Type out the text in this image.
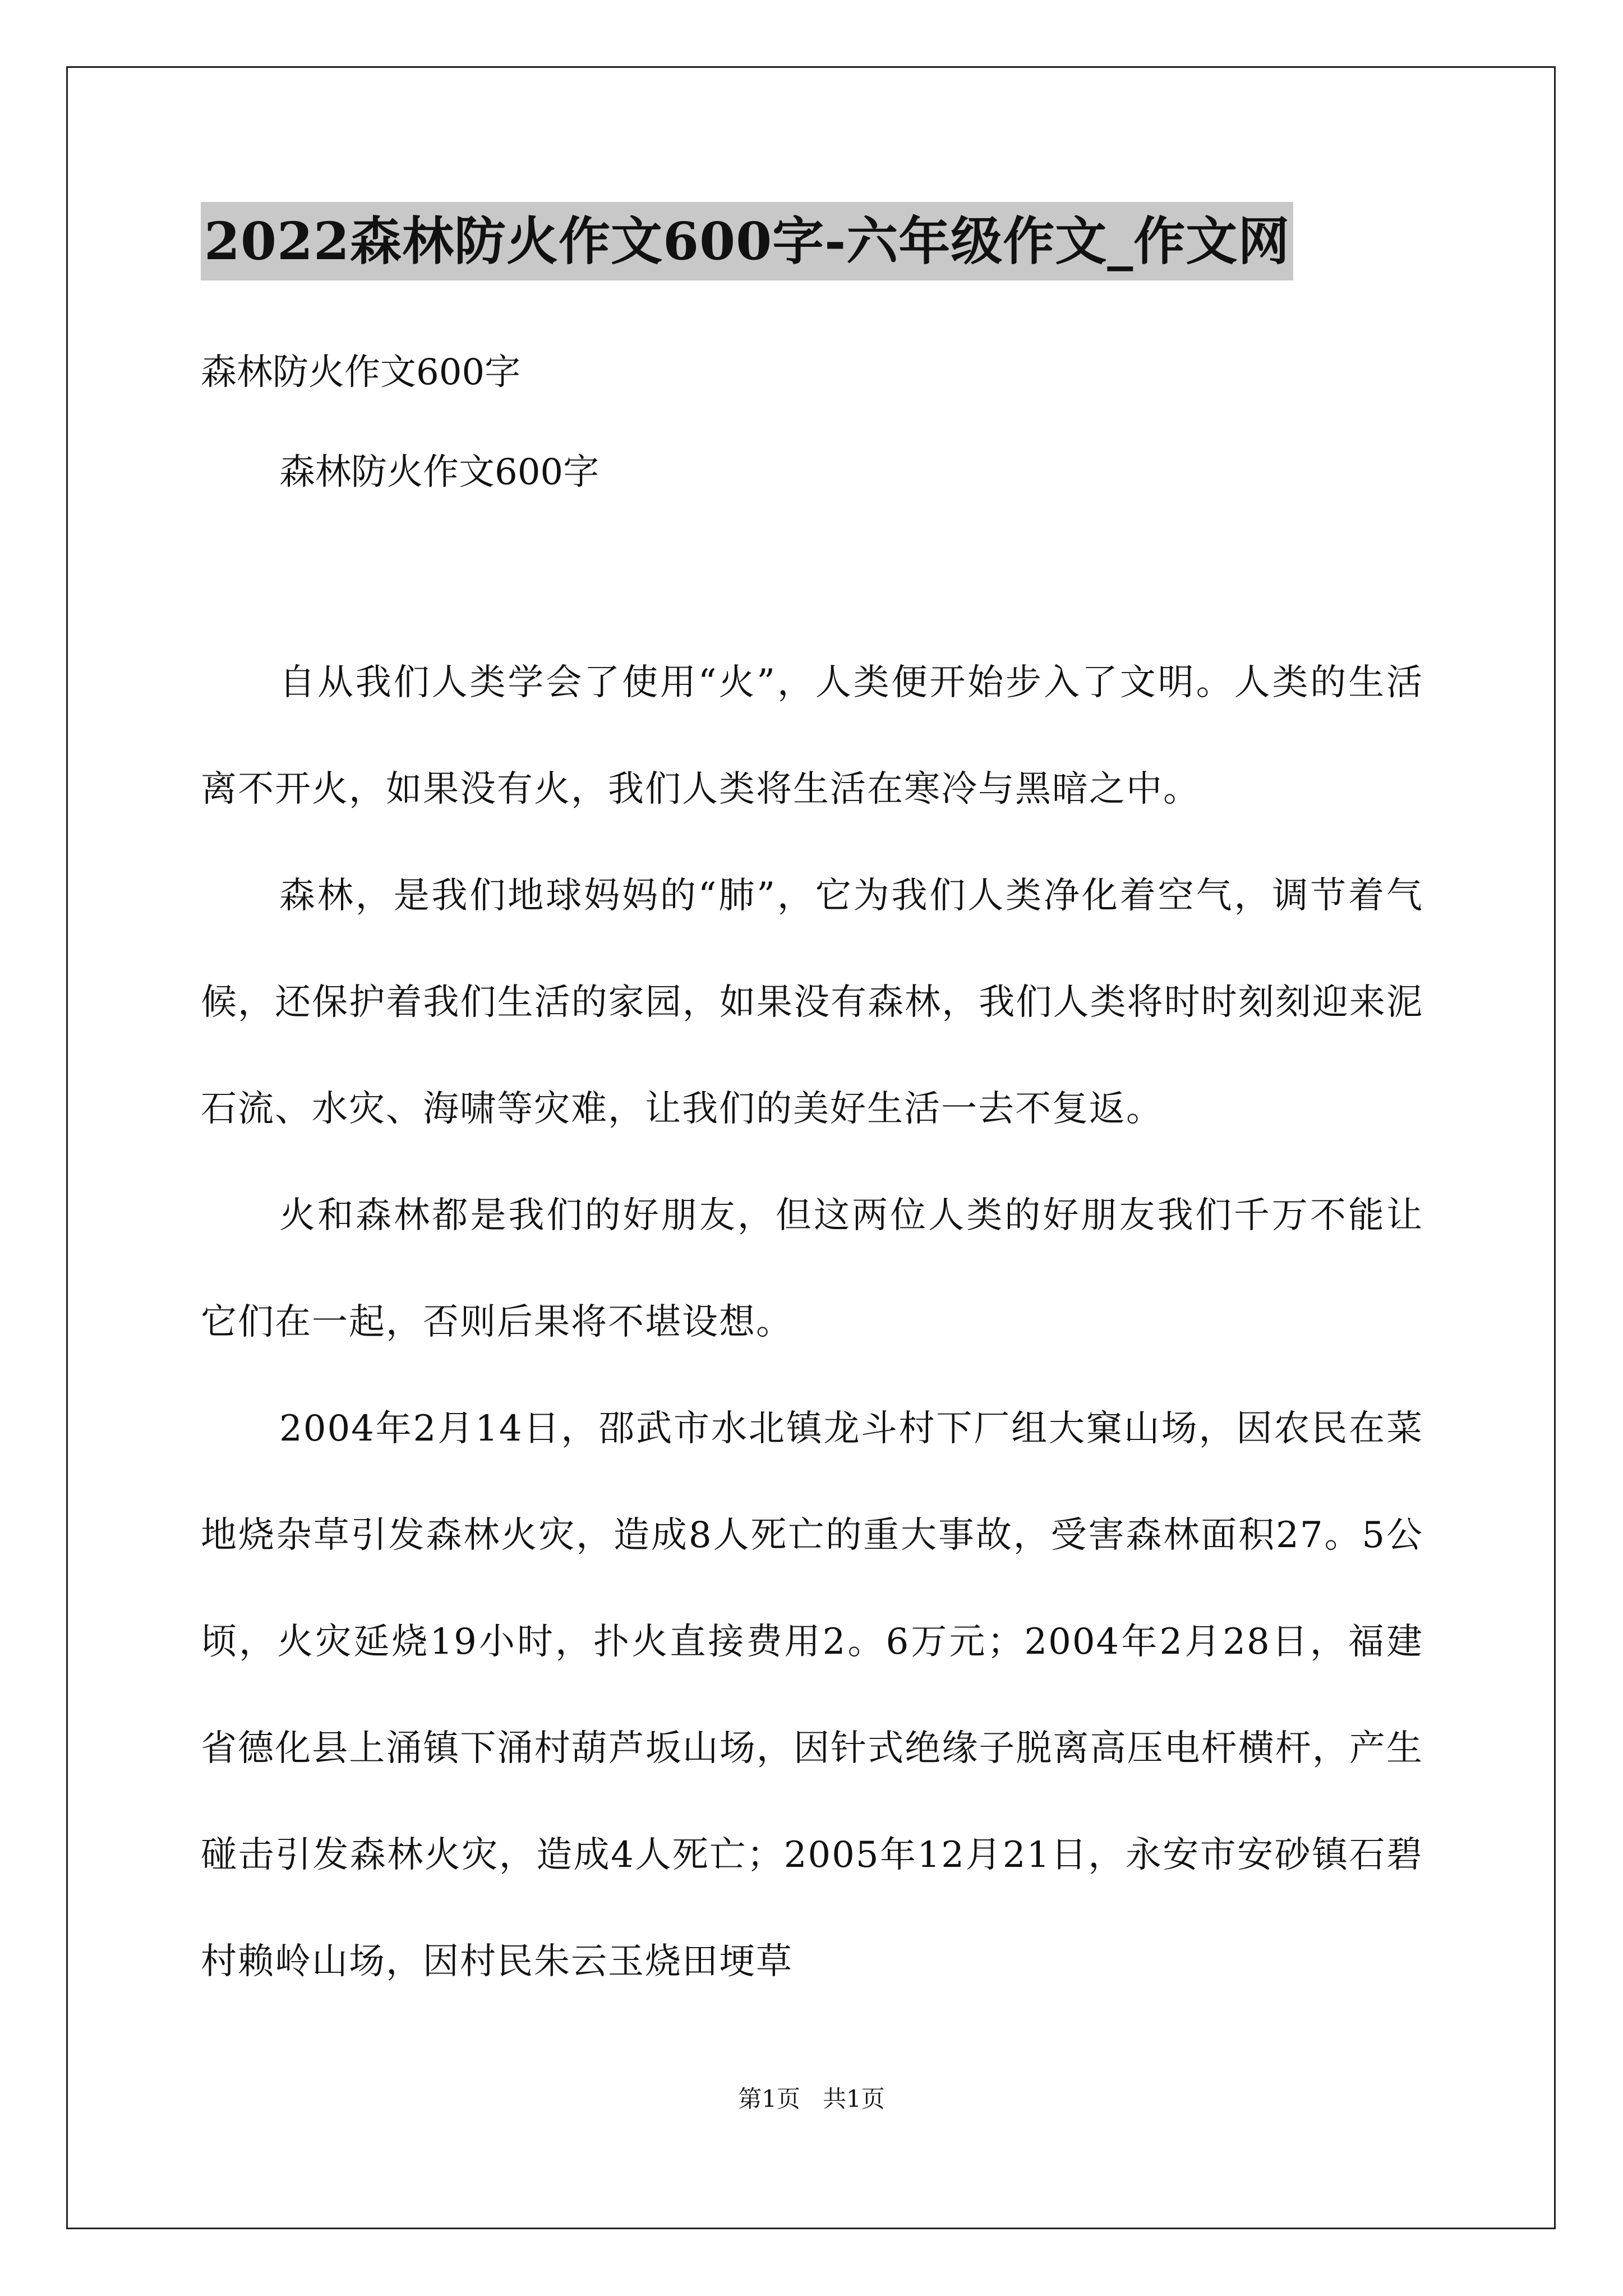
2022森林防火作文600字-六年级作文_作文网
森林防火作文600字
森林防火作文600字

自从我们人类学会了使用“火”，人类便开始步入了文明。人类的生活离不开火，如果没有火，我们人类将生活在寒冷与黑暗之中。

森林，是我们地球妈妈的“肺”，它为我们人类净化着空气，调节着气候，还保护着我们生活的家园，如果没有森林，我们人类将时时刻刻迎来泥石流、水灾、海啸等灾难，让我们的美好生活一去不复返。

火和森林都是我们的好朋友，但这两位人类的好朋友我们千万不能让它们在一起，否则后果将不堪设想。

2004年2月14日，邵武市水北镇龙斗村下厂组大窠山场，因农民在菜地烧杂草引发森林火灾，造成8人死亡的重大事故，受害森林面积27。5公顷，火灾延烧19小时，扑火直接费用2。6万元；2004年2月28日，福建省德化县上涌镇下涌村葫芦坂山场，因针式绝缘子脱离高压电杆横杆，产生碰击引发森林火灾，造成4人死亡；2005年12月21日，永安市安砂镇石碧村赖岭山场，因村民朱云玉烧田埂草

第1页   共1页
